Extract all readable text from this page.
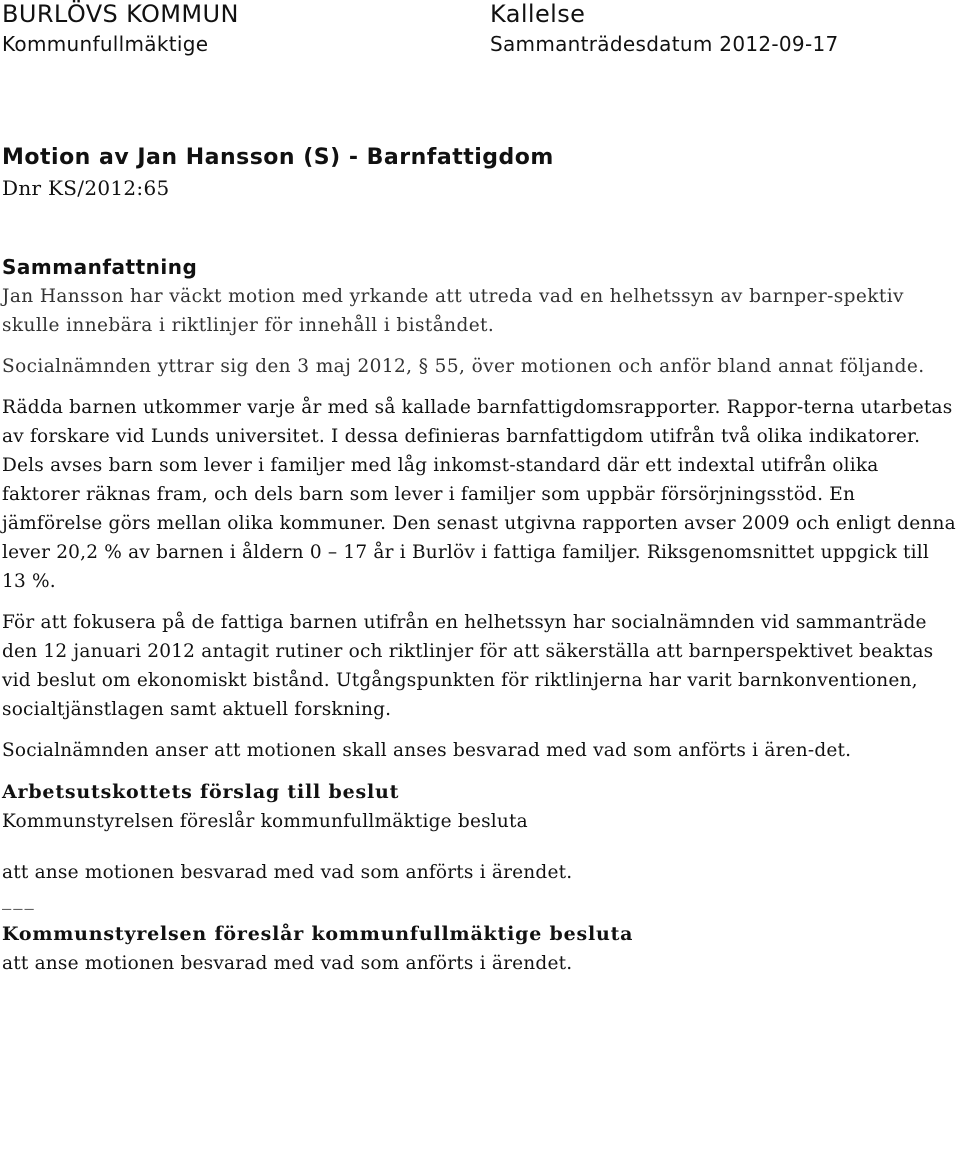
BURLÖVS KOMMUN
Kommunfullmäktige
Kallelse
Sammanträdesdatum 2012-09-17
Motion av Jan Hansson (S) - Barnfattigdom

Dnr KS/2012:65

Sammanfattning

Jan Hansson har väckt motion med yrkande att utreda vad en helhetssyn av barnper-spektiv skulle innebära i riktlinjer för innehåll i biståndet.

Socialnämnden yttrar sig den 3 maj 2012, § 55, över motionen och anför bland annat följande.

Rädda barnen utkommer varje år med så kallade barnfattigdomsrapporter. Rappor-terna utarbetas av forskare vid Lunds universitet. I dessa definieras barnfattigdom utifrån två olika indikatorer. Dels avses barn som lever i familjer med låg inkomst-standard där ett indextal utifrån olika faktorer räknas fram, och dels barn som lever i familjer som uppbär försörjningsstöd. En jämförelse görs mellan olika kommuner. Den senast utgivna rapporten avser 2009 och enligt denna lever 20,2 % av barnen i åldern 0 – 17 år i Burlöv i fattiga familjer. Riksgenomsnittet uppgick till 13 %.

För att fokusera på de fattiga barnen utifrån en helhetssyn har socialnämnden vid sammanträde den 12 januari 2012 antagit rutiner och riktlinjer för att säkerställa att barnperspektivet beaktas vid beslut om ekonomiskt bistånd. Utgångspunkten för riktlinjerna har varit barnkonventionen, socialtjänstlagen samt aktuell forskning.

Socialnämnden anser att motionen skall anses besvarad med vad som anförts i ären-det.

Arbetsutskottets förslag till beslut

Kommunstyrelsen föreslår kommunfullmäktige besluta

att anse motionen besvarad med vad som anförts i ärendet.

___

Kommunstyrelsen föreslår kommunfullmäktige besluta

att anse motionen besvarad med vad som anförts i ärendet.
